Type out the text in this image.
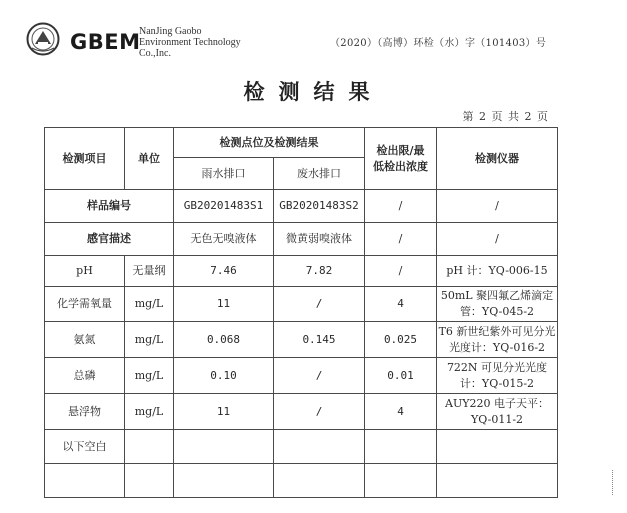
GBEM
NanJing Gaobo
Environment Technology
Co.,Inc.
（2020）（高博）环检（水）字（101403）号
检测结果
第 2 页 共 2 页
检测项目	单位	检测点位及检测结果		检出限/最低检出浓度	检测仪器
		雨水排口	废水排口		
样品编号		GB20201483S1	GB20201483S2	/	/
感官描述		无色无嗅液体	微黄弱嗅液体	/	/
pH	无量纲	7.46	7.82	/	pH 计：YQ-006-15
化学需氧量	mg/L	11	/	4	50mL 聚四氟乙烯滴定管：YQ-045-2
氨氮	mg/L	0.068	0.145	0.025	T6 新世纪紫外可见分光光度计：YQ-016-2
总磷	mg/L	0.10	/	0.01	722N 可见分光光度计：YQ-015-2
悬浮物	mg/L	11	/	4	AUY220 电子天平：YQ-011-2
以下空白					
